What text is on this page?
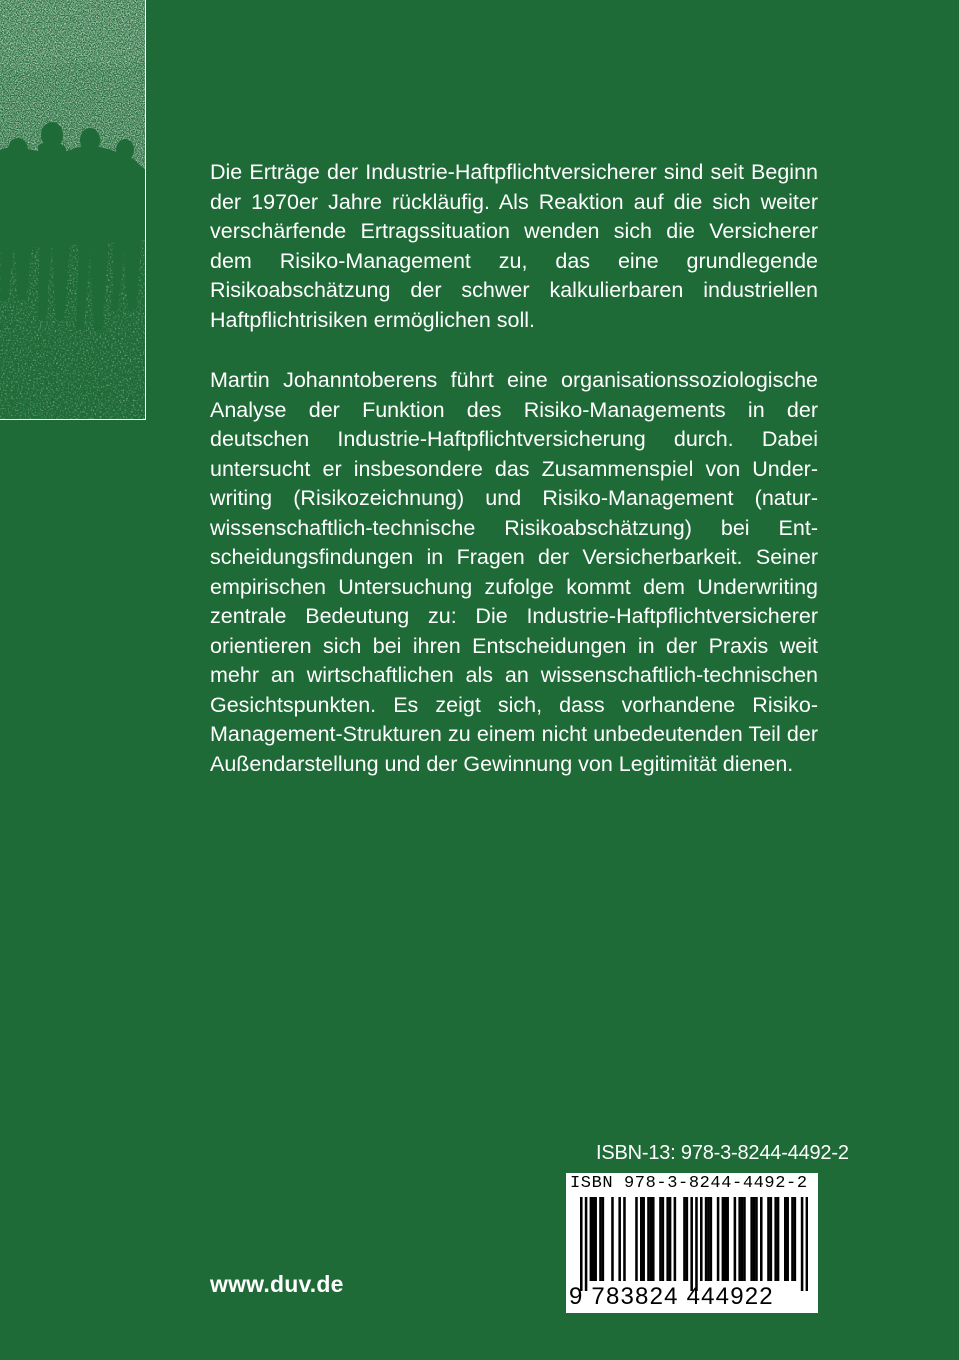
Die Erträge der Industrie-Haftpflichtversicherer sind seit Beginn der 1970er Jahre rückläufig. Als Reaktion auf die sich weiter verschärfende Ertragssituation wenden sich die Versicherer dem Risiko-Management zu, das eine grundlegende Risikoabschätzung der schwer kalkulierbaren industriellen Haftpflichtrisiken ermöglichen soll.

Martin Johanntoberens führt eine organisationssoziologische Analyse der Funktion des Risiko-Managements in der deutschen Industrie-Haftpflichtversicherung durch. Dabei untersucht er insbesondere das Zusammenspiel von Underwriting (Risikozeichnung) und Risiko-Management (naturwissenschaftlich-technische Risikoabschätzung) bei Entscheidungsfindungen in Fragen der Versicherbarkeit. Seiner empirischen Untersuchung zufolge kommt dem Underwriting zentrale Bedeutung zu: Die Industrie-Haftpflichtversicherer orientieren sich bei ihren Entscheidungen in der Praxis weit mehr an wirtschaftlichen als an wissenschaftlich-technischen Gesichtspunkten. Es zeigt sich, dass vorhandene Risiko-Management-Strukturen zu einem nicht unbedeutenden Teil der Außendarstellung und der Gewinnung von Legitimität dienen.

ISBN-13: 978-3-8244-4492-2
ISBN 978-3-8244-4492-2
9 783824 444922
www.duv.de
